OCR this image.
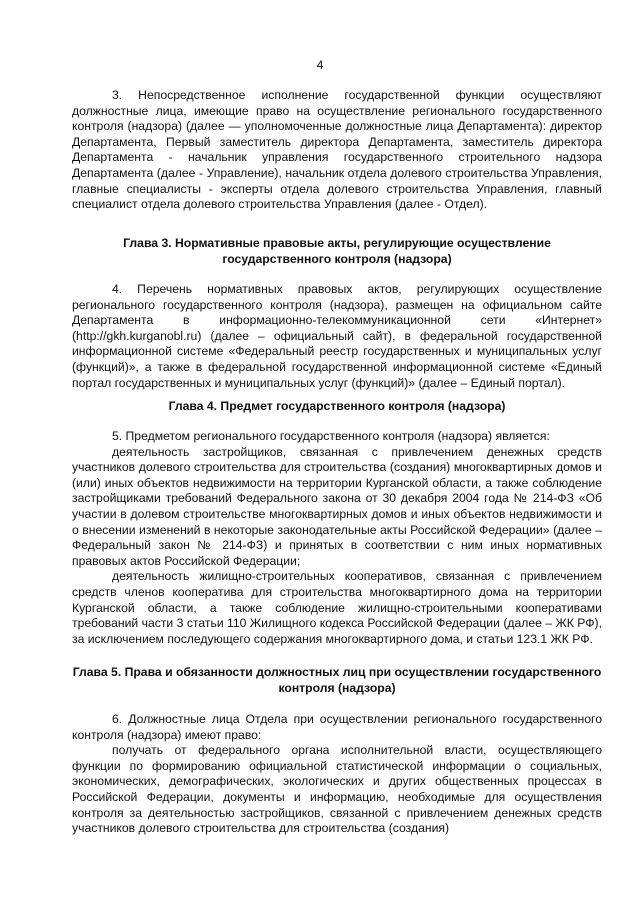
4

3. Непосредственное исполнение государственной функции осуществляют должностные лица, имеющие право на осуществление регионального государственного контроля (надзора) (далее — уполномоченные должностные лица Департамента): директор Департамента, Первый заместитель директора Департамента, заместитель директора Департамента - начальник управления государственного строительного надзора Департамента (далее - Управление), начальник отдела долевого строительства Управления, главные специалисты - эксперты отдела долевого строительства Управления, главный специалист отдела долевого строительства Управления (далее - Отдел).

Глава 3. Нормативные правовые акты, регулирующие осуществление государственного контроля (надзора)

4. Перечень нормативных правовых актов, регулирующих осуществление регионального государственного контроля (надзора), размещен на официальном сайте Департамента в информационно-телекоммуникационной сети «Интернет» (http://gkh.kurganobl.ru) (далее – официальный сайт), в федеральной государственной информационной системе «Федеральный реестр государственных и муниципальных услуг (функций)», а также в федеральной государственной информационной системе «Единый портал государственных и муниципальных услуг (функций)» (далее – Единый портал).

Глава 4. Предмет государственного контроля (надзора)

5. Предметом регионального государственного контроля (надзора) является:

деятельность застройщиков, связанная с привлечением денежных средств участников долевого строительства для строительства (создания) многоквартирных домов и (или) иных объектов недвижимости на территории Курганской области, а также соблюдение застройщиками требований Федерального закона от 30 декабря 2004 года № 214-ФЗ «Об участии в долевом строительстве многоквартирных домов и иных объектов недвижимости и о внесении изменений в некоторые законодательные акты Российской Федерации» (далее – Федеральный закон № 214-ФЗ) и принятых в соответствии с ним иных нормативных правовых актов Российской Федерации;

деятельность жилищно-строительных кооперативов, связанная с привлечением средств членов кооператива для строительства многоквартирного дома на территории Курганской области, а также соблюдение жилищно-строительными кооперативами требований части 3 статьи 110 Жилищного кодекса Российской Федерации (далее – ЖК РФ), за исключением последующего содержания многоквартирного дома, и статьи 123.1 ЖК РФ.

Глава 5. Права и обязанности должностных лиц при осуществлении государственного контроля (надзора)

6. Должностные лица Отдела при осуществлении регионального государственного контроля (надзора) имеют право:

получать от федерального органа исполнительной власти, осуществляющего функции по формированию официальной статистической информации о социальных, экономических, демографических, экологических и других общественных процессах в Российской Федерации, документы и информацию, необходимые для осуществления контроля за деятельностью застройщиков, связанной с привлечением денежных средств участников долевого строительства для строительства (создания)
